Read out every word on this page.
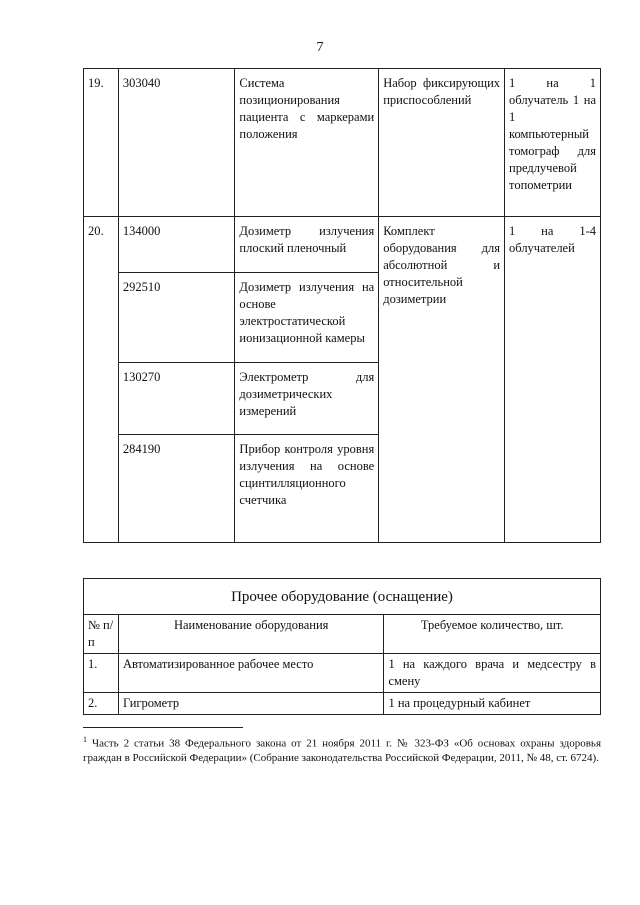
7
19.	303040	Система позиционирования пациента с маркерами положения	Набор фиксирующих приспособлений	1 на 1 облучатель 1 на 1 компьютерный томограф для предлучевой топометрии
20.	134000	Дозиметр излучения плоский пленочный	Комплект оборудования для абсолютной и относительной дозиметрии	1 на 1-4 облучателей
	292510	Дозиметр излучения на основе электростатической ионизационной камеры		
	130270	Электрометр для дозиметрических измерений		
	284190	Прибор контроля уровня излучения на основе сцинтилляционного счетчика		
Прочее оборудование (оснащение)		
№ п/п	Наименование оборудования	Требуемое количество, шт.
1.	Автоматизированное рабочее место	1 на каждого врача и медсестру в смену
2.	Гигрометр	1 на процедурный кабинет
$^1$ Часть 2 статьи 38 Федерального закона от 21 ноября 2011 г. № 323-ФЗ «Об основах охраны здоровья граждан в Российской Федерации» (Собрание законодательства Российской Федерации, 2011, № 48, ст. 6724).
